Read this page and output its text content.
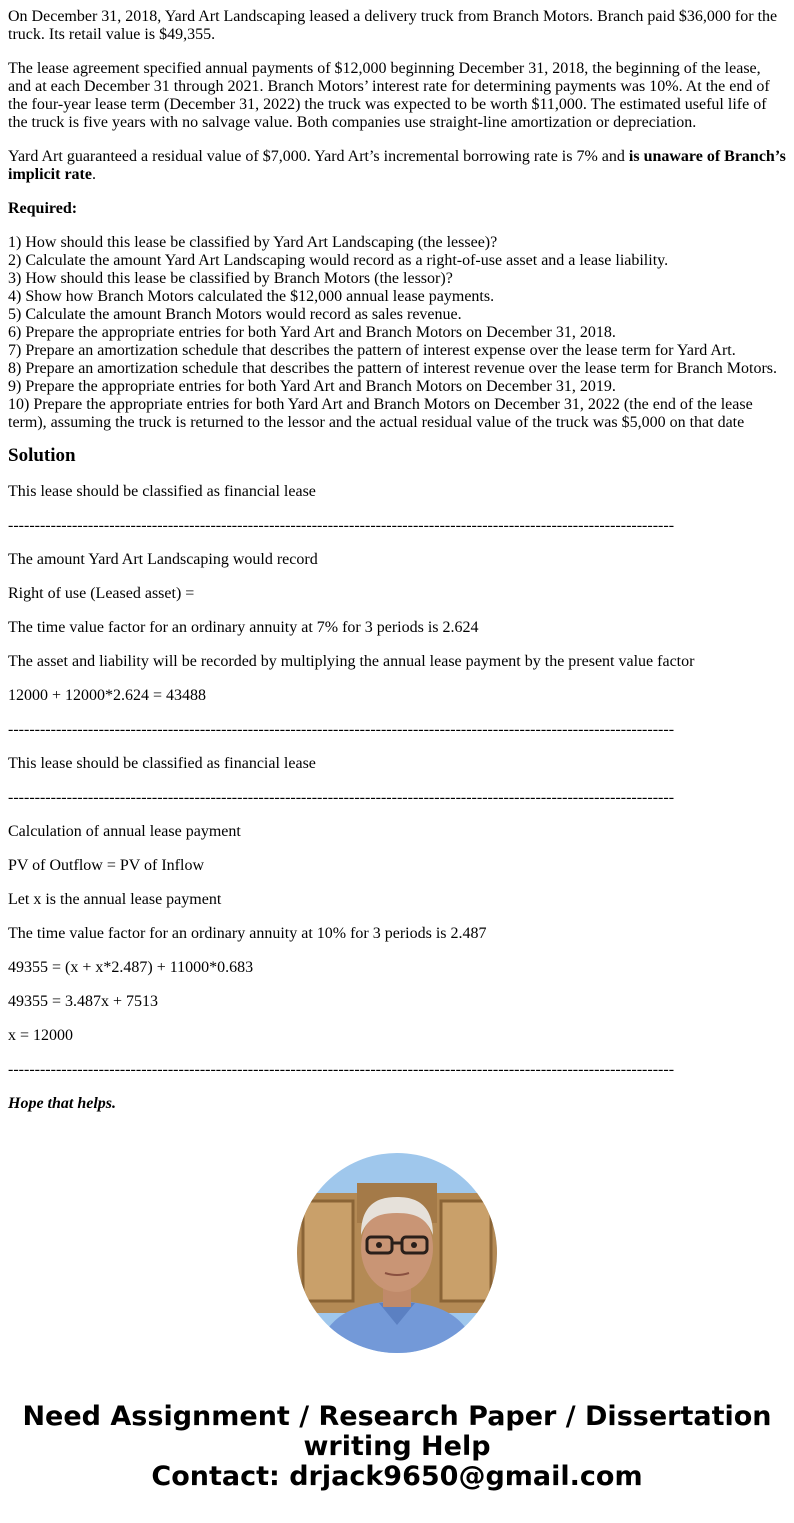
On December 31, 2018, Yard Art Landscaping leased a delivery truck from Branch Motors. Branch paid $36,000 for the truck. Its retail value is $49,355.

The lease agreement specified annual payments of $12,000 beginning December 31, 2018, the beginning of the lease, and at each December 31 through 2021. Branch Motors’ interest rate for determining payments was 10%. At the end of the four-year lease term (December 31, 2022) the truck was expected to be worth $11,000. The estimated useful life of the truck is five years with no salvage value. Both companies use straight-line amortization or depreciation.

Yard Art guaranteed a residual value of $7,000. Yard Art’s incremental borrowing rate is 7% and is unaware of Branch’s implicit rate.

Required:

1) How should this lease be classified by Yard Art Landscaping (the lessee)?
2) Calculate the amount Yard Art Landscaping would record as a right-of-use asset and a lease liability.
3) How should this lease be classified by Branch Motors (the lessor)?
4) Show how Branch Motors calculated the $12,000 annual lease payments.
5) Calculate the amount Branch Motors would record as sales revenue.
6) Prepare the appropriate entries for both Yard Art and Branch Motors on December 31, 2018.
7) Prepare an amortization schedule that describes the pattern of interest expense over the lease term for Yard Art.
8) Prepare an amortization schedule that describes the pattern of interest revenue over the lease term for Branch Motors.
9) Prepare the appropriate entries for both Yard Art and Branch Motors on December 31, 2019.
10) Prepare the appropriate entries for both Yard Art and Branch Motors on December 31, 2022 (the end of the lease term), assuming the truck is returned to the lessor and the actual residual value of the truck was $5,000 on that date
Solution

This lease should be classified as financial lease

-----------------------------------------------------------------------------------------------------------------------------

The amount Yard Art Landscaping would record

Right of use (Leased asset) =

The time value factor for an ordinary annuity at 7% for 3 periods is 2.624

The asset and liability will be recorded by multiplying the annual lease payment by the present value factor

12000 + 12000*2.624 = 43488

-----------------------------------------------------------------------------------------------------------------------------

This lease should be classified as financial lease

-----------------------------------------------------------------------------------------------------------------------------

Calculation of annual lease payment

PV of Outflow = PV of Inflow

Let x is the annual lease payment

The time value factor for an ordinary annuity at 10% for 3 periods is 2.487

49355 = (x + x*2.487) + 11000*0.683

49355 = 3.487x + 7513

x = 12000

-----------------------------------------------------------------------------------------------------------------------------

Hope that helps.

Need Assignment / Research Paper / Dissertation
writing Help
Contact: drjack9650@gmail.com
